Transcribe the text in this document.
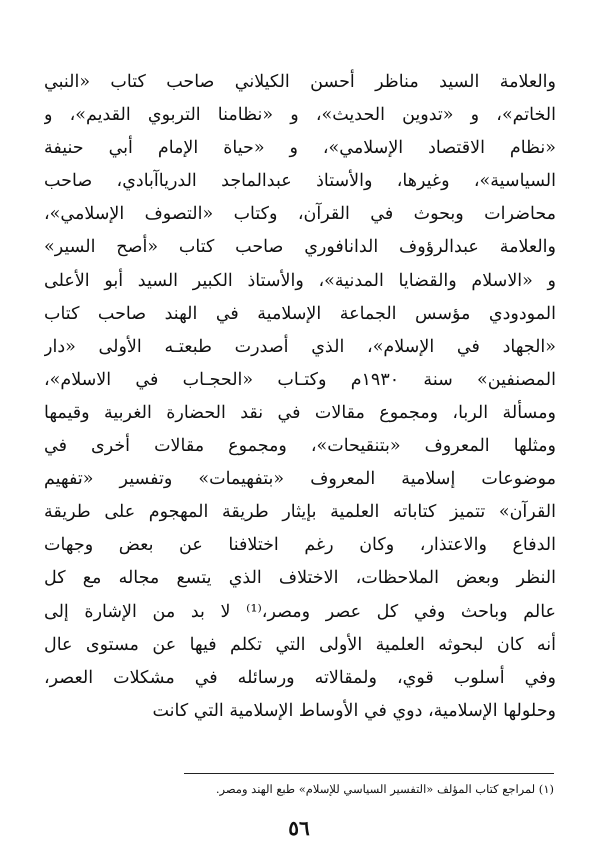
والعلامة السيد مناظر أحسن الكيلاني صاحب كتاب «النبي
الخاتم»، و «تدوين الحديث»، و «نظامنا التربوي القديم»، و
«نظام الاقتصاد الإسلامي»، و «حياة الإمام أبي حنيفة
السياسية»، وغيرها، والأستاذ عبدالماجد الدرياآبادي، صاحب
محاضرات وبحوث في القرآن، وكتاب «التصوف الإسلامي»،
والعلامة عبدالرؤوف الدانافوري صاحب كتاب «أصح السير»
و «الاسلام والقضايا المدنية»، والأستاذ الكبير السيد أبو الأعلى
المودودي مؤسس الجماعة الإسلامية في الهند صاحب كتاب
«الجهاد في الإسلام»، الذي أصدرت طبعتـه الأولى «دار
المصنفين» سنة ١٩٣٠م وكتـاب «الحجـاب في الاسلام»،
ومسألة الربا، ومجموع مقالات في نقد الحضارة الغربية وقيمها
ومثلها المعروف «بتنقيحات»، ومجموع مقالات أخرى في
موضوعات إسلامية المعروف «بتفهيمات» وتفسير «تفهيم
القرآن» تتميز كتاباته العلمية بإيثار طريقة المهجوم على طريقة
الدفاع والاعتذار، وكان رغم اختلافنا عن بعض وجهات
النظر وبعض الملاحظات، الاختلاف الذي يتسع مجاله مع كل
عالم وباحث وفي كل عصر ومصر،⁽¹⁾ لا بد من الإشارة إلى
أنه كان لبحوثه العلمية الأولى التي تكلم فيها عن مستوى عال
وفي أسلوب قوي، ولمقالاته ورسائله في مشكلات العصر،
وحلولها الإسلامية، دوي في الأوساط الإسلامية التي كانت
(١) لمراجع كتاب المؤلف «التفسير السياسي للإسلام» طبع الهند ومصر.
٥٦
